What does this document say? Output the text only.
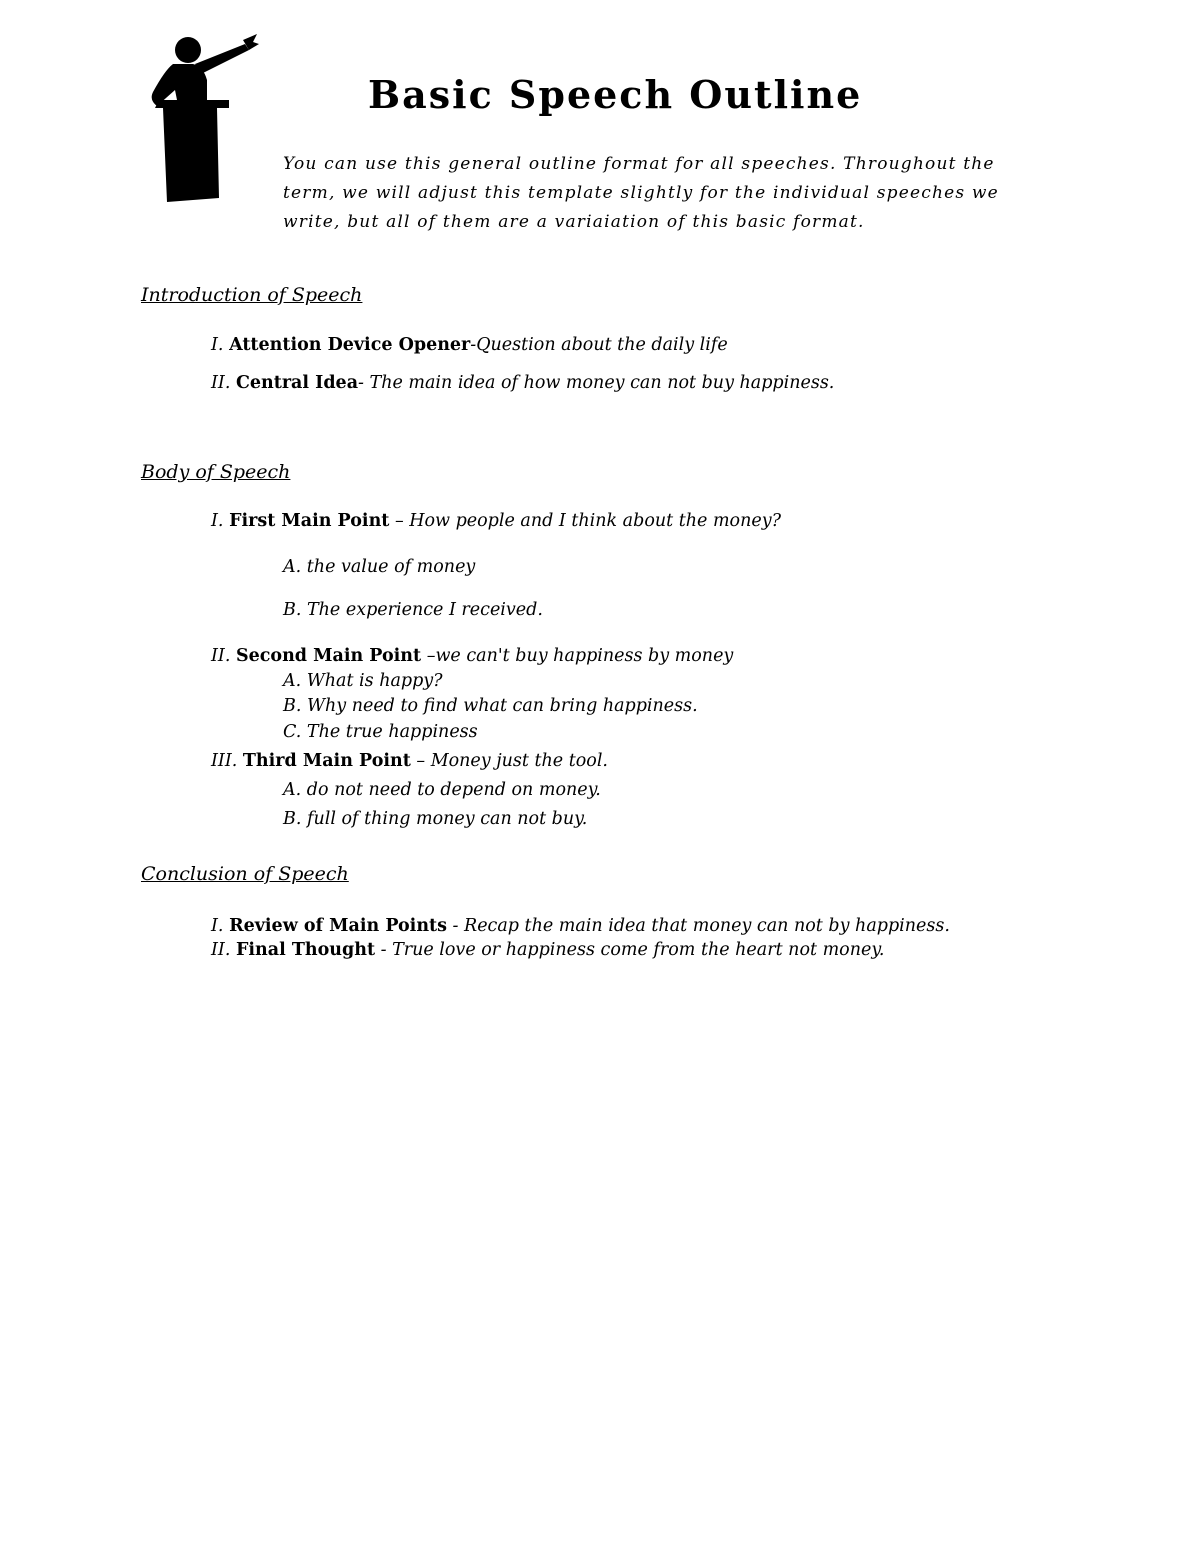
Basic Speech Outline
You can use this general outline format for all speeches. Throughout the term, we will adjust this template slightly for the individual speeches we write, but all of them are a variaiation of this basic format.
Introduction of Speech
I. Attention Device Opener-Question about the daily life
II. Central Idea- The main idea of how money can not buy happiness.
Body of Speech
I. First Main Point – How people and I think about the money?
A. the value of money
B. The experience I received.
II. Second Main Point –we can't buy happiness by money
A. What is happy?
B. Why need to find what can bring happiness.
C. The true happiness
III. Third Main Point – Money just the tool.
A. do not need to depend on money.
B. full of thing money can not buy.
Conclusion of Speech
I. Review of Main Points - Recap the main idea that money can not by happiness.
II. Final Thought - True love or happiness come from the heart not money.
